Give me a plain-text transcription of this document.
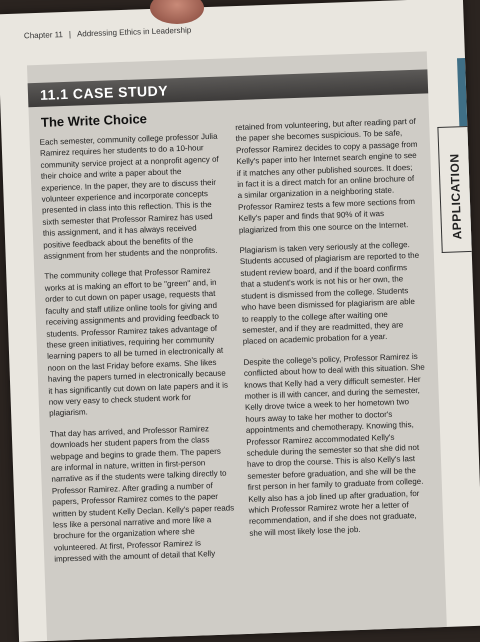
Chapter 11 | Addressing Ethics in Leadership
APPLICATION
11.1 CASE STUDY
The Write Choice

Each semester, community college professor Julia Ramirez requires her students to do a 10-hour community service project at a nonprofit agency of their choice and write a paper about the experience. In the paper, they are to discuss their volunteer experience and incorporate concepts presented in class into this reflection. This is the sixth semester that Professor Ramirez has used this assignment, and it has always received positive feedback about the benefits of the assignment from her students and the nonprofits.

The community college that Professor Ramirez works at is making an effort to be "green" and, in order to cut down on paper usage, requests that faculty and staff utilize online tools for giving and receiving assignments and providing feedback to students. Professor Ramirez takes advantage of these green initiatives, requiring her community learning papers to all be turned in electronically at noon on the last Friday before exams. She likes having the papers turned in electronically because it has significantly cut down on late papers and it is now very easy to check student work for plagiarism.

That day has arrived, and Professor Ramirez downloads her student papers from the class webpage and begins to grade them. The papers are informal in nature, written in first-person narrative as if the students were talking directly to Professor Ramirez. After grading a number of papers, Professor Ramirez comes to the paper written by student Kelly Declan. Kelly's paper reads less like a personal narrative and more like a brochure for the organization where she volunteered. At first, Professor Ramirez is impressed with the amount of detail that Kelly

retained from volunteering, but after reading part of the paper she becomes suspicious. To be safe, Professor Ramirez decides to copy a passage from Kelly's paper into her Internet search engine to see if it matches any other published sources. It does; in fact it is a direct match for an online brochure of a similar organization in a neighboring state. Professor Ramirez tests a few more sections from Kelly's paper and finds that 90% of it was plagiarized from this one source on the Internet.

Plagiarism is taken very seriously at the college. Students accused of plagiarism are reported to the student review board, and if the board confirms that a student's work is not his or her own, the student is dismissed from the college. Students who have been dismissed for plagiarism are able to reapply to the college after waiting one semester, and if they are readmitted, they are placed on academic probation for a year.

Despite the college's policy, Professor Ramirez is conflicted about how to deal with this situation. She knows that Kelly had a very difficult semester. Her mother is ill with cancer, and during the semester, Kelly drove twice a week to her hometown two hours away to take her mother to doctor's appointments and chemotherapy. Knowing this, Professor Ramirez accommodated Kelly's schedule during the semester so that she did not have to drop the course. This is also Kelly's last semester before graduation, and she will be the first person in her family to graduate from college. Kelly also has a job lined up after graduation, for which Professor Ramirez wrote her a letter of recommendation, and if she does not graduate, she will most likely lose the job.
